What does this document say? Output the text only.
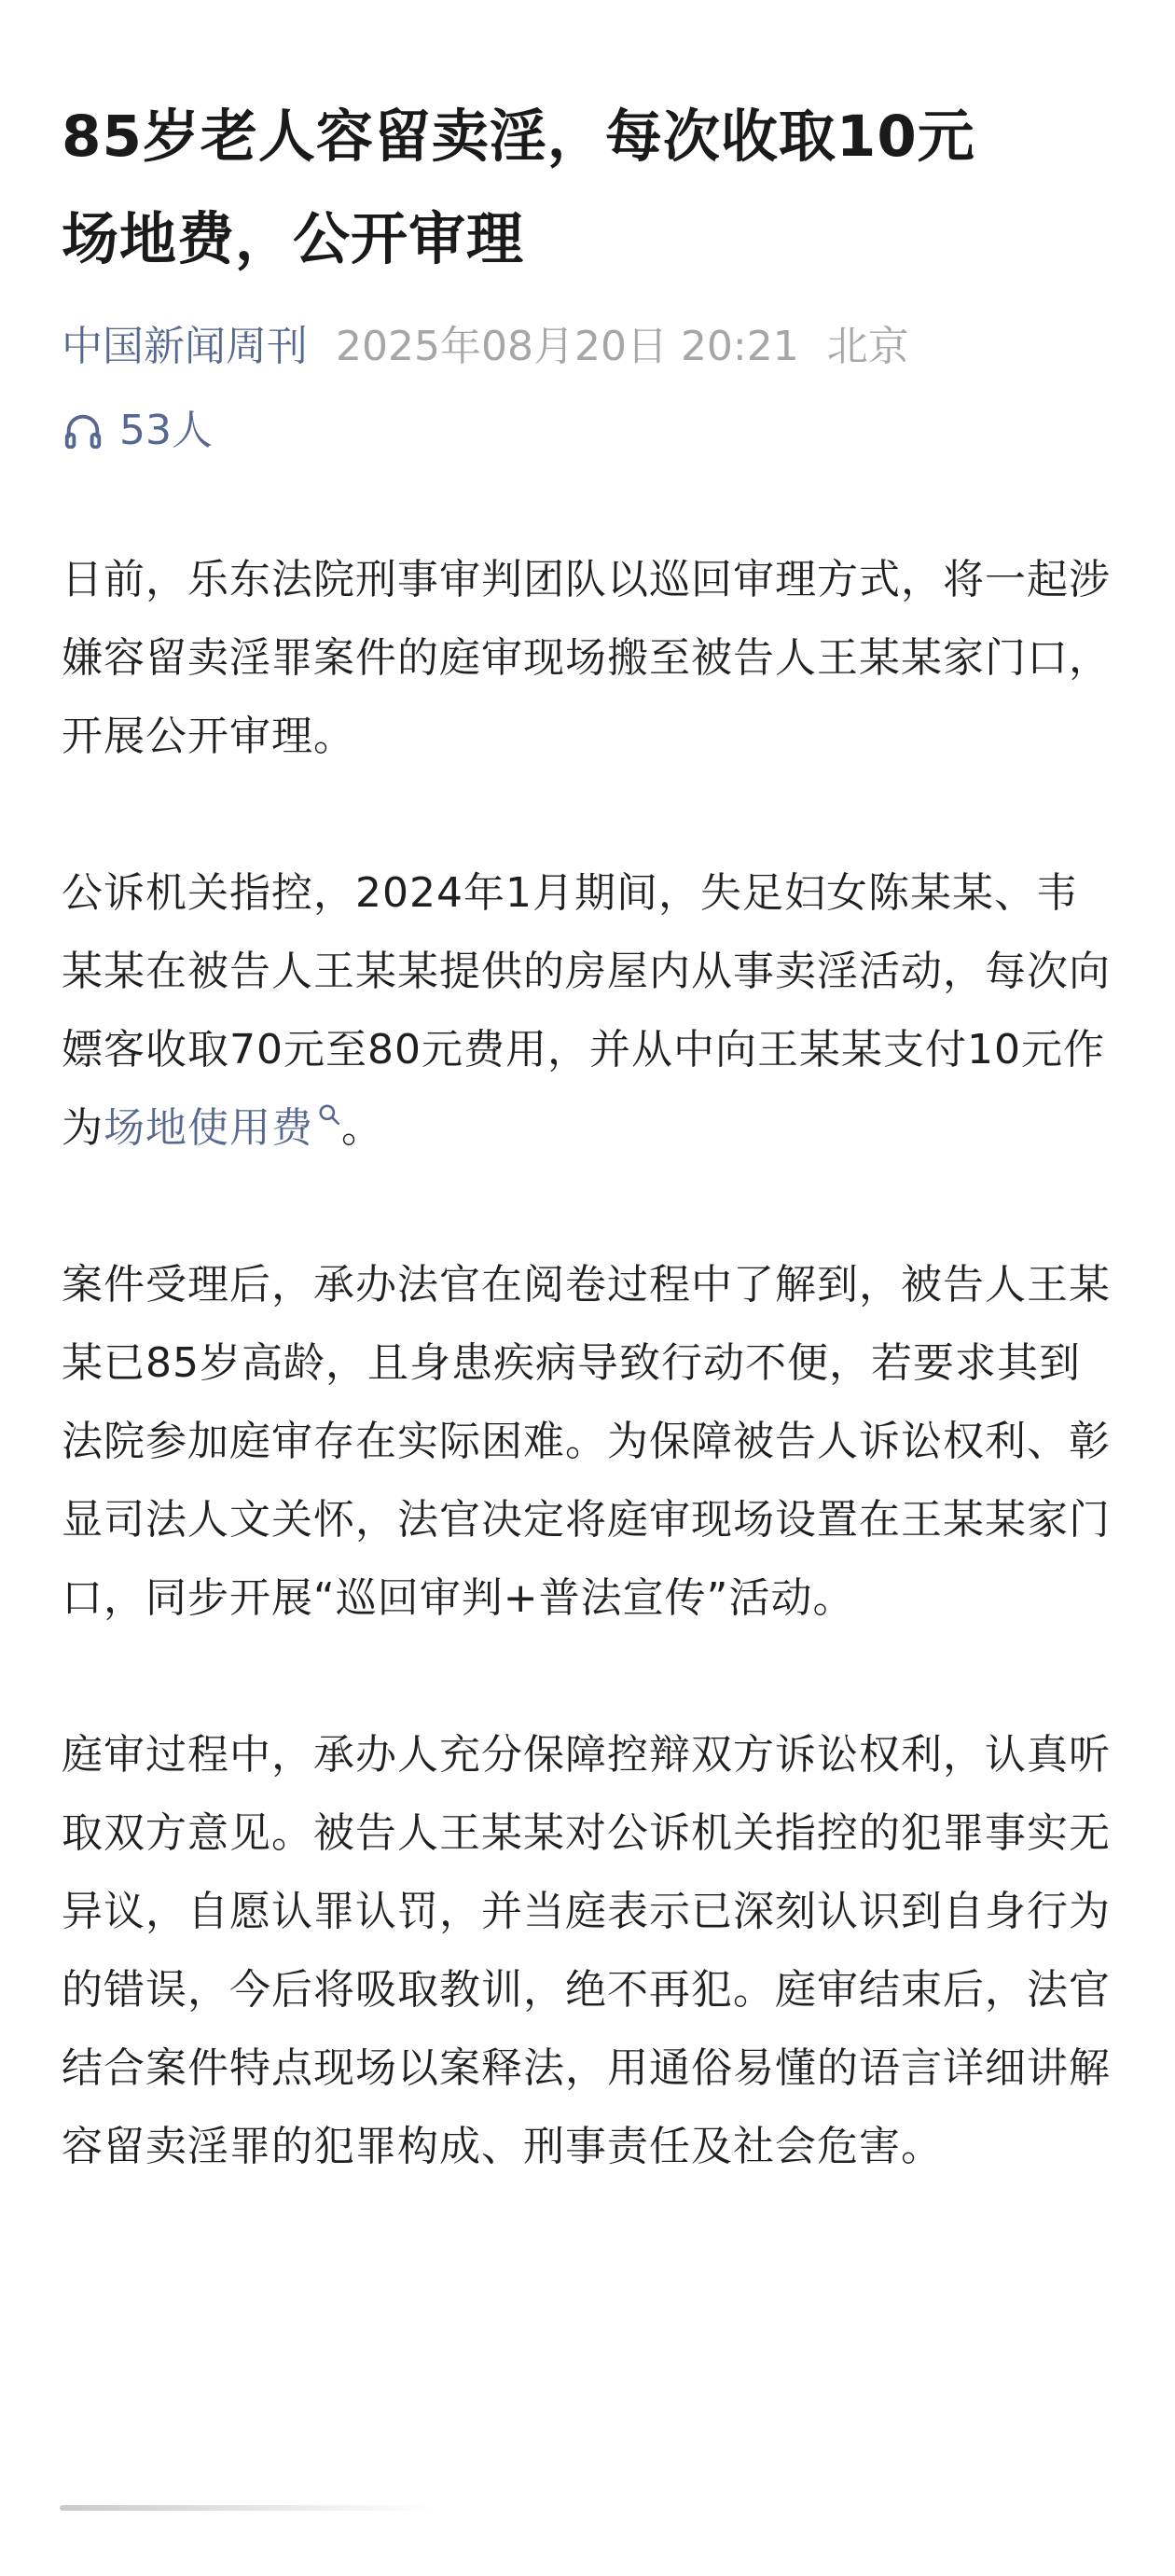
85岁老人容留卖淫，每次收取10元
场地费，公开审理
中国新闻周刊 2025年08月20日 20:21 北京
53人

日前，乐东法院刑事审判团队以巡回审理方式，将一起涉嫌容留卖淫罪案件的庭审现场搬至被告人王某某家门口，开展公开审理。

公诉机关指控，2024年1月期间，失足妇女陈某某、韦某某在被告人王某某提供的房屋内从事卖淫活动，每次向嫖客收取70元至80元费用，并从中向王某某支付10元作为场地使用费 。

案件受理后，承办法官在阅卷过程中了解到，被告人王某某已85岁高龄，且身患疾病导致行动不便，若要求其到法院参加庭审存在实际困难。为保障被告人诉讼权利、彰显司法人文关怀，法官决定将庭审现场设置在王某某家门口，同步开展“巡回审判+普法宣传”活动。

庭审过程中，承办人充分保障控辩双方诉讼权利，认真听取双方意见。被告人王某某对公诉机关指控的犯罪事实无异议，自愿认罪认罚，并当庭表示已深刻认识到自身行为的错误，今后将吸取教训，绝不再犯。庭审结束后，法官结合案件特点现场以案释法，用通俗易懂的语言详细讲解容留卖淫罪的犯罪构成、刑事责任及社会危害。
